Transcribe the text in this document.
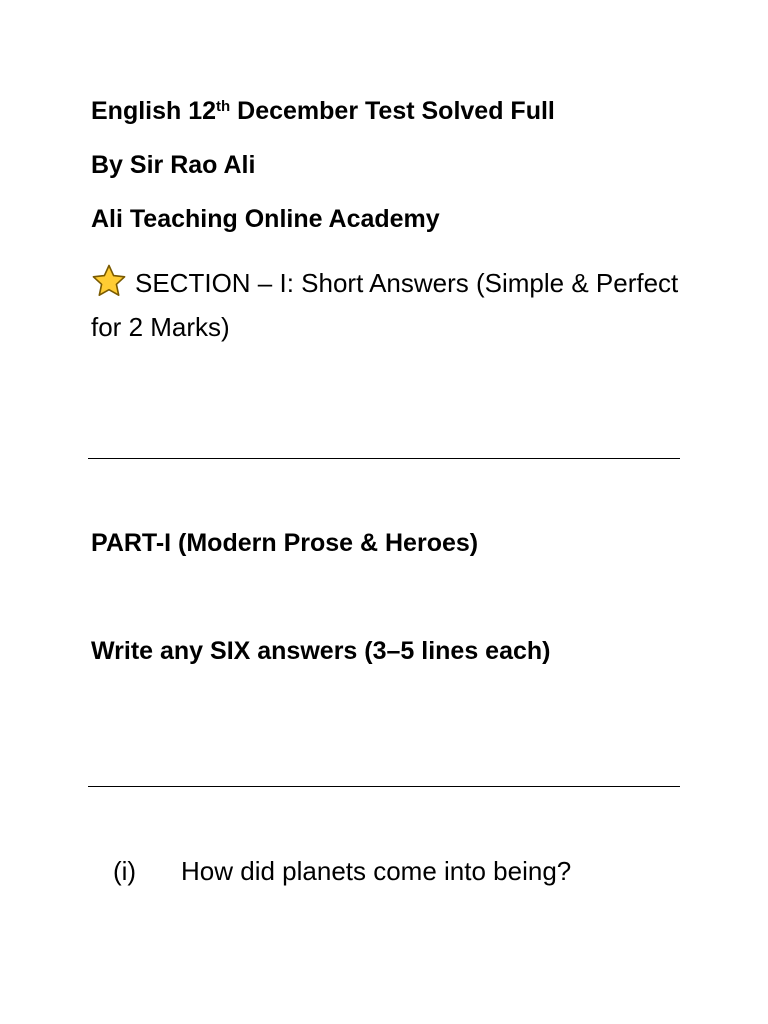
English 12th December Test Solved Full
By Sir Rao Ali
Ali Teaching Online Academy
SECTION – I: Short Answers (Simple & Perfect for 2 Marks)
PART-I (Modern Prose & Heroes)
Write any SIX answers (3–5 lines each)
(i) How did planets come into being?
